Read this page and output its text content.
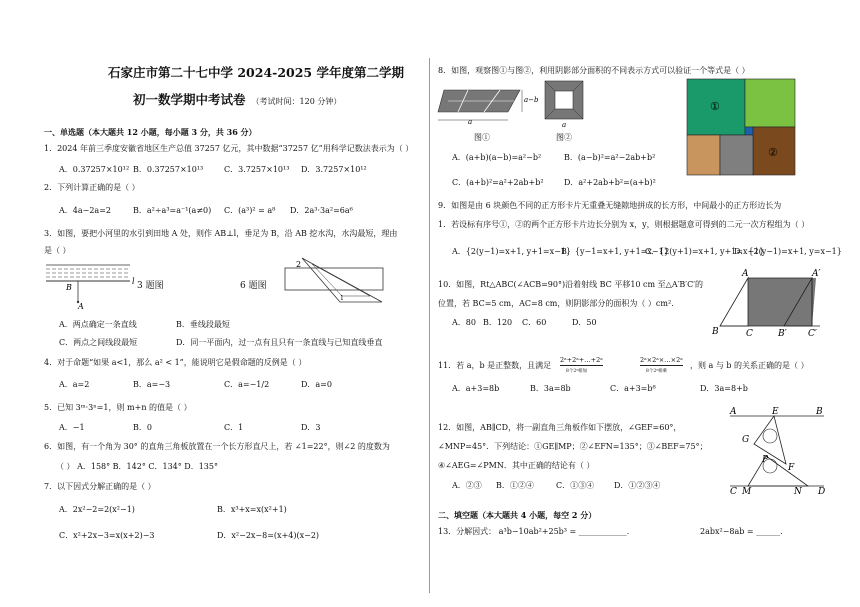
石家庄市第二十七中学 2024-2025 学年度第二学期
初一数学期中考试卷 （考试时间：120 分钟）
一、单选题（本大题共 12 小题，每小题 3 分，共 36 分）
1．2024 年前三季度安徽省地区生产总值 37257 亿元，其中数据“37257 亿”用科学记数法表示为（ ）
A．0.37257×10¹² B．0.37257×10¹³	C．3.7257×10¹³ D．3.7257×10¹²
2．下列计算正确的是（ ）
A．4a−2a=2	B．a²÷a³=a⁻¹(a≠0) C．(a³)² = a⁸ D．2a³·3a²=6a⁶
3．如图，要把小河里的水引到田地 A 处，则作 AB⊥l，垂足为 B，沿 AB 挖水沟，水沟最短，理由
是（ ）
B
A
l 3 题图	6 题图
2
1
A．两点确定一条直线	B．垂线段最短
C．两点之间线段最短	D．同一平面内，过一点有且只有一条直线与已知直线垂直
4．对于命题“如果 a<1，那么 a² < 1”，能说明它是假命题的反例是（ ）
A．a=2	B．a=−3	C．a=−1/2	D．a=0
5．已知 3ᵐ·3ⁿ=1，则 m+n 的值是（ ）
A．−1	B．0	C．1	D．3
6．如图，有一个角为 30° 的直角三角板放置在一个长方形直尺上，若 ∠1=22°，则∠2 的度数为
（ ） A．158° B．142° C．134° D．135°
7．以下因式分解正确的是（ ）
A．2x²−2=2(x²−1)	B．x³+x=x(x²+1)
C．x²+2x−3=x(x+2)−3	D．x²−2x−8=(x+4)(x−2)
8．如图，观察图①与图②，利用阴影部分面积的不同表示方式可以验证一个等式是（ ）
a−b
a
图①
a
图②
A．(a+b)(a−b)=a²−b²	B．(a−b)²=a²−2ab+b²
C．(a+b)²=a²+2ab+b²	D．a²+2ab+b²=(a+b)²
①
②
9．如图是由 6 块颜色不同的正方形卡片无重叠无缝隙地拼成的长方形，中间最小的正方形边长为
1．若设标有序号①，②的两个正方形卡片边长分别为 x，y，则根据题意可得到的二元一次方程组为（ ）
A．{2(y−1)=x+1, y+1=x−1}
B．{y−1=x+1, y+1=x−1}
C．{2(y+1)=x+1, y+1=x−1}
D．{2(y−1)=x+1, y=x−1}
10．如图，Rt△ABC(∠ACB=90°)沿着射线 BC 平移10 cm 至△A′B′C′的
位置，若 BC=5 cm，AC=8 cm，则阴影部分的面积为（ ）cm².
A．80 B．120 C．60	D．50
A	A′
B	C	B′ C′
11．若 a，b 是正整数，且满足
2ᵃ+2ᵃ+…+2ᵃ
8个2ᵃ相加
2ᵃ×2ᵃ×…×2ᵃ
8个2ᵃ相乘
，则 a 与 b 的关系正确的是（ ）
A．a+3=8b	B．3a=8b	C．a+3=b⁸	D．3a=8+b
12．如图，AB∥CD，将一副直角三角板作如下摆放，∠GEF=60°，
∠MNP=45°．下列结论：①GE∥MP；②∠EFN=135°；③∠BEF=75°；
④∠AEG=∠PMN．其中正确的结论有（ ）
A．②③ B．①②④	C．①③④ D．①②③④
A	E	B
G
P
F
C M	N D
二、填空题（本大题共 4 小题，每空 2 分）
13．分解因式： a³b−10ab²+25b³ = ____________．	2abx²−8ab = ______．
